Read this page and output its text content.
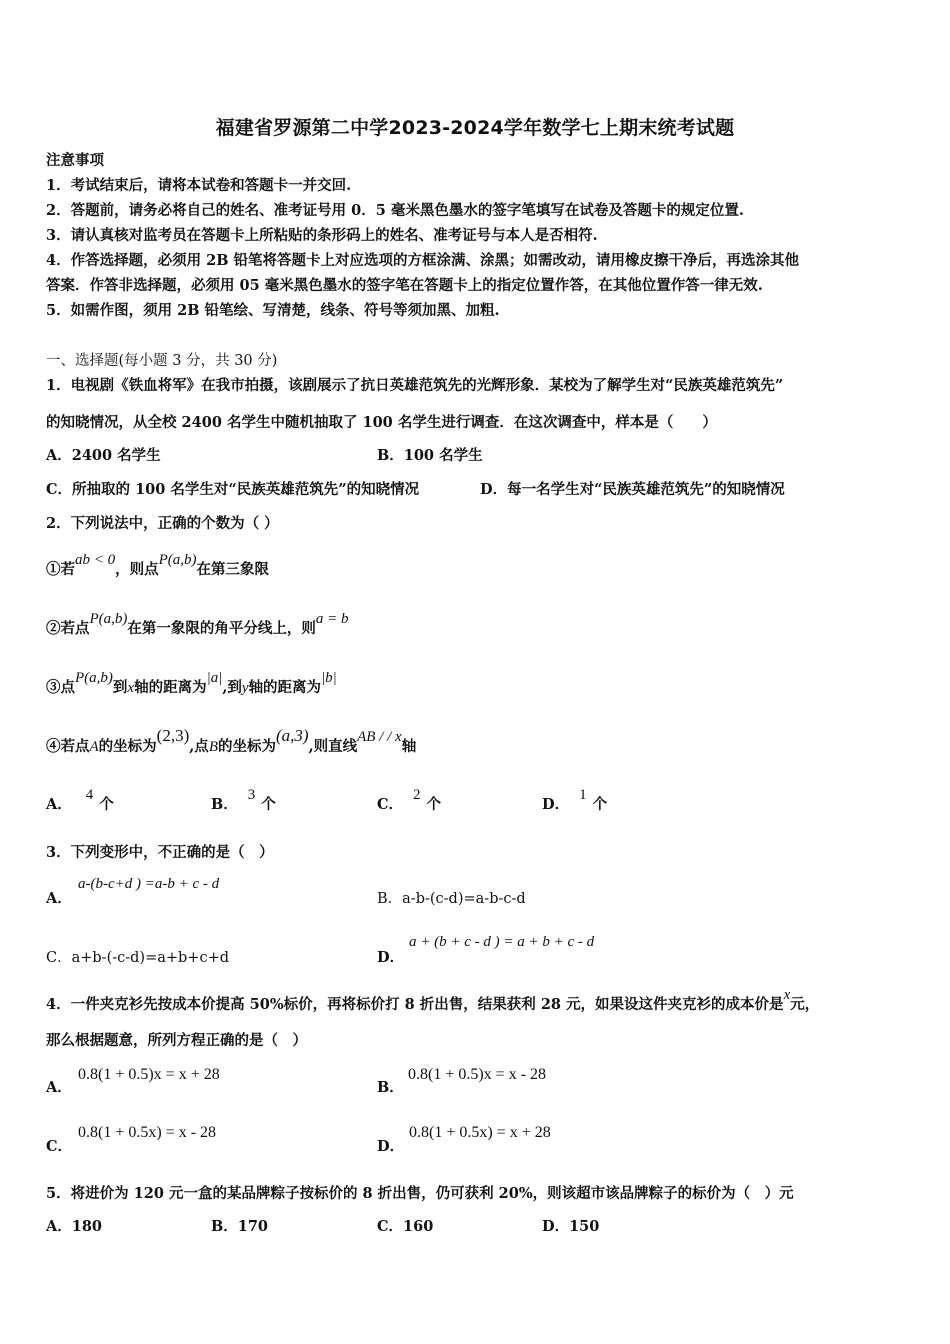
福建省罗源第二中学2023-2024学年数学七上期末统考试题
注意事项
1．考试结束后，请将本试卷和答题卡一并交回.
2．答题前，请务必将自己的姓名、准考证号用 0．5 毫米黑色墨水的签字笔填写在试卷及答题卡的规定位置.
3．请认真核对监考员在答题卡上所粘贴的条形码上的姓名、准考证号与本人是否相符.
4．作答选择题，必须用 2B 铅笔将答题卡上对应选项的方框涂满、涂黑；如需改动，请用橡皮擦干净后，再选涂其他
答案．作答非选择题，必须用 05 毫米黑色墨水的签字笔在答题卡上的指定位置作答，在其他位置作答一律无效.
5．如需作图，须用 2B 铅笔绘、写清楚，线条、符号等须加黑、加粗.
一、选择题(每小题 3 分，共 30 分)
1．电视剧《铁血将军》在我市拍摄，该剧展示了抗日英雄范筑先的光辉形象．某校为了解学生对“民族英雄范筑先”
的知晓情况，从全校 2400 名学生中随机抽取了 100 名学生进行调查．在这次调查中，样本是（　　）
A．2400 名学生	B．100 名学生
C．所抽取的 100 名学生对“民族英雄范筑先”的知晓情况	D．每一名学生对“民族英雄范筑先”的知晓情况
2．下列说法中，正确的个数为（ ）
①若ab < 0，则点P(a,b)在第三象限
②若点P(a,b)在第一象限的角平分线上，则a = b
③点P(a,b)到x轴的距离为|a|,到y轴的距离为|b|
④若点A的坐标为(2,3),点B的坐标为(a,3),则直线AB / / x轴
A．4个	B．3个	C．2个	D．1个
3．下列变形中，不正确的是（　）
A．
a-(b-c+d ) =a-b + c - d
B．a-b-(c-d)=a-b-c-d
C．a+b-(-c-d)=a+b+c+d	D．
a + (b + c - d ) = a + b + c - d
4．一件夹克衫先按成本价提高 50%标价，再将标价打 8 折出售，结果获利 28 元，如果设这件夹克衫的成本价是x元，
那么根据题意，所列方程正确的是（　）
A．
0.8(1 + 0.5)x = x + 28
B．
0.8(1 + 0.5)x = x - 28
C．
0.8(1 + 0.5x) = x - 28
D．
0.8(1 + 0.5x) = x + 28
5．将进价为 120 元一盒的某品牌粽子按标价的 8 折出售，仍可获利 20%，则该超市该品牌粽子的标价为（　）元
A．180	B．170	C．160	D．150
